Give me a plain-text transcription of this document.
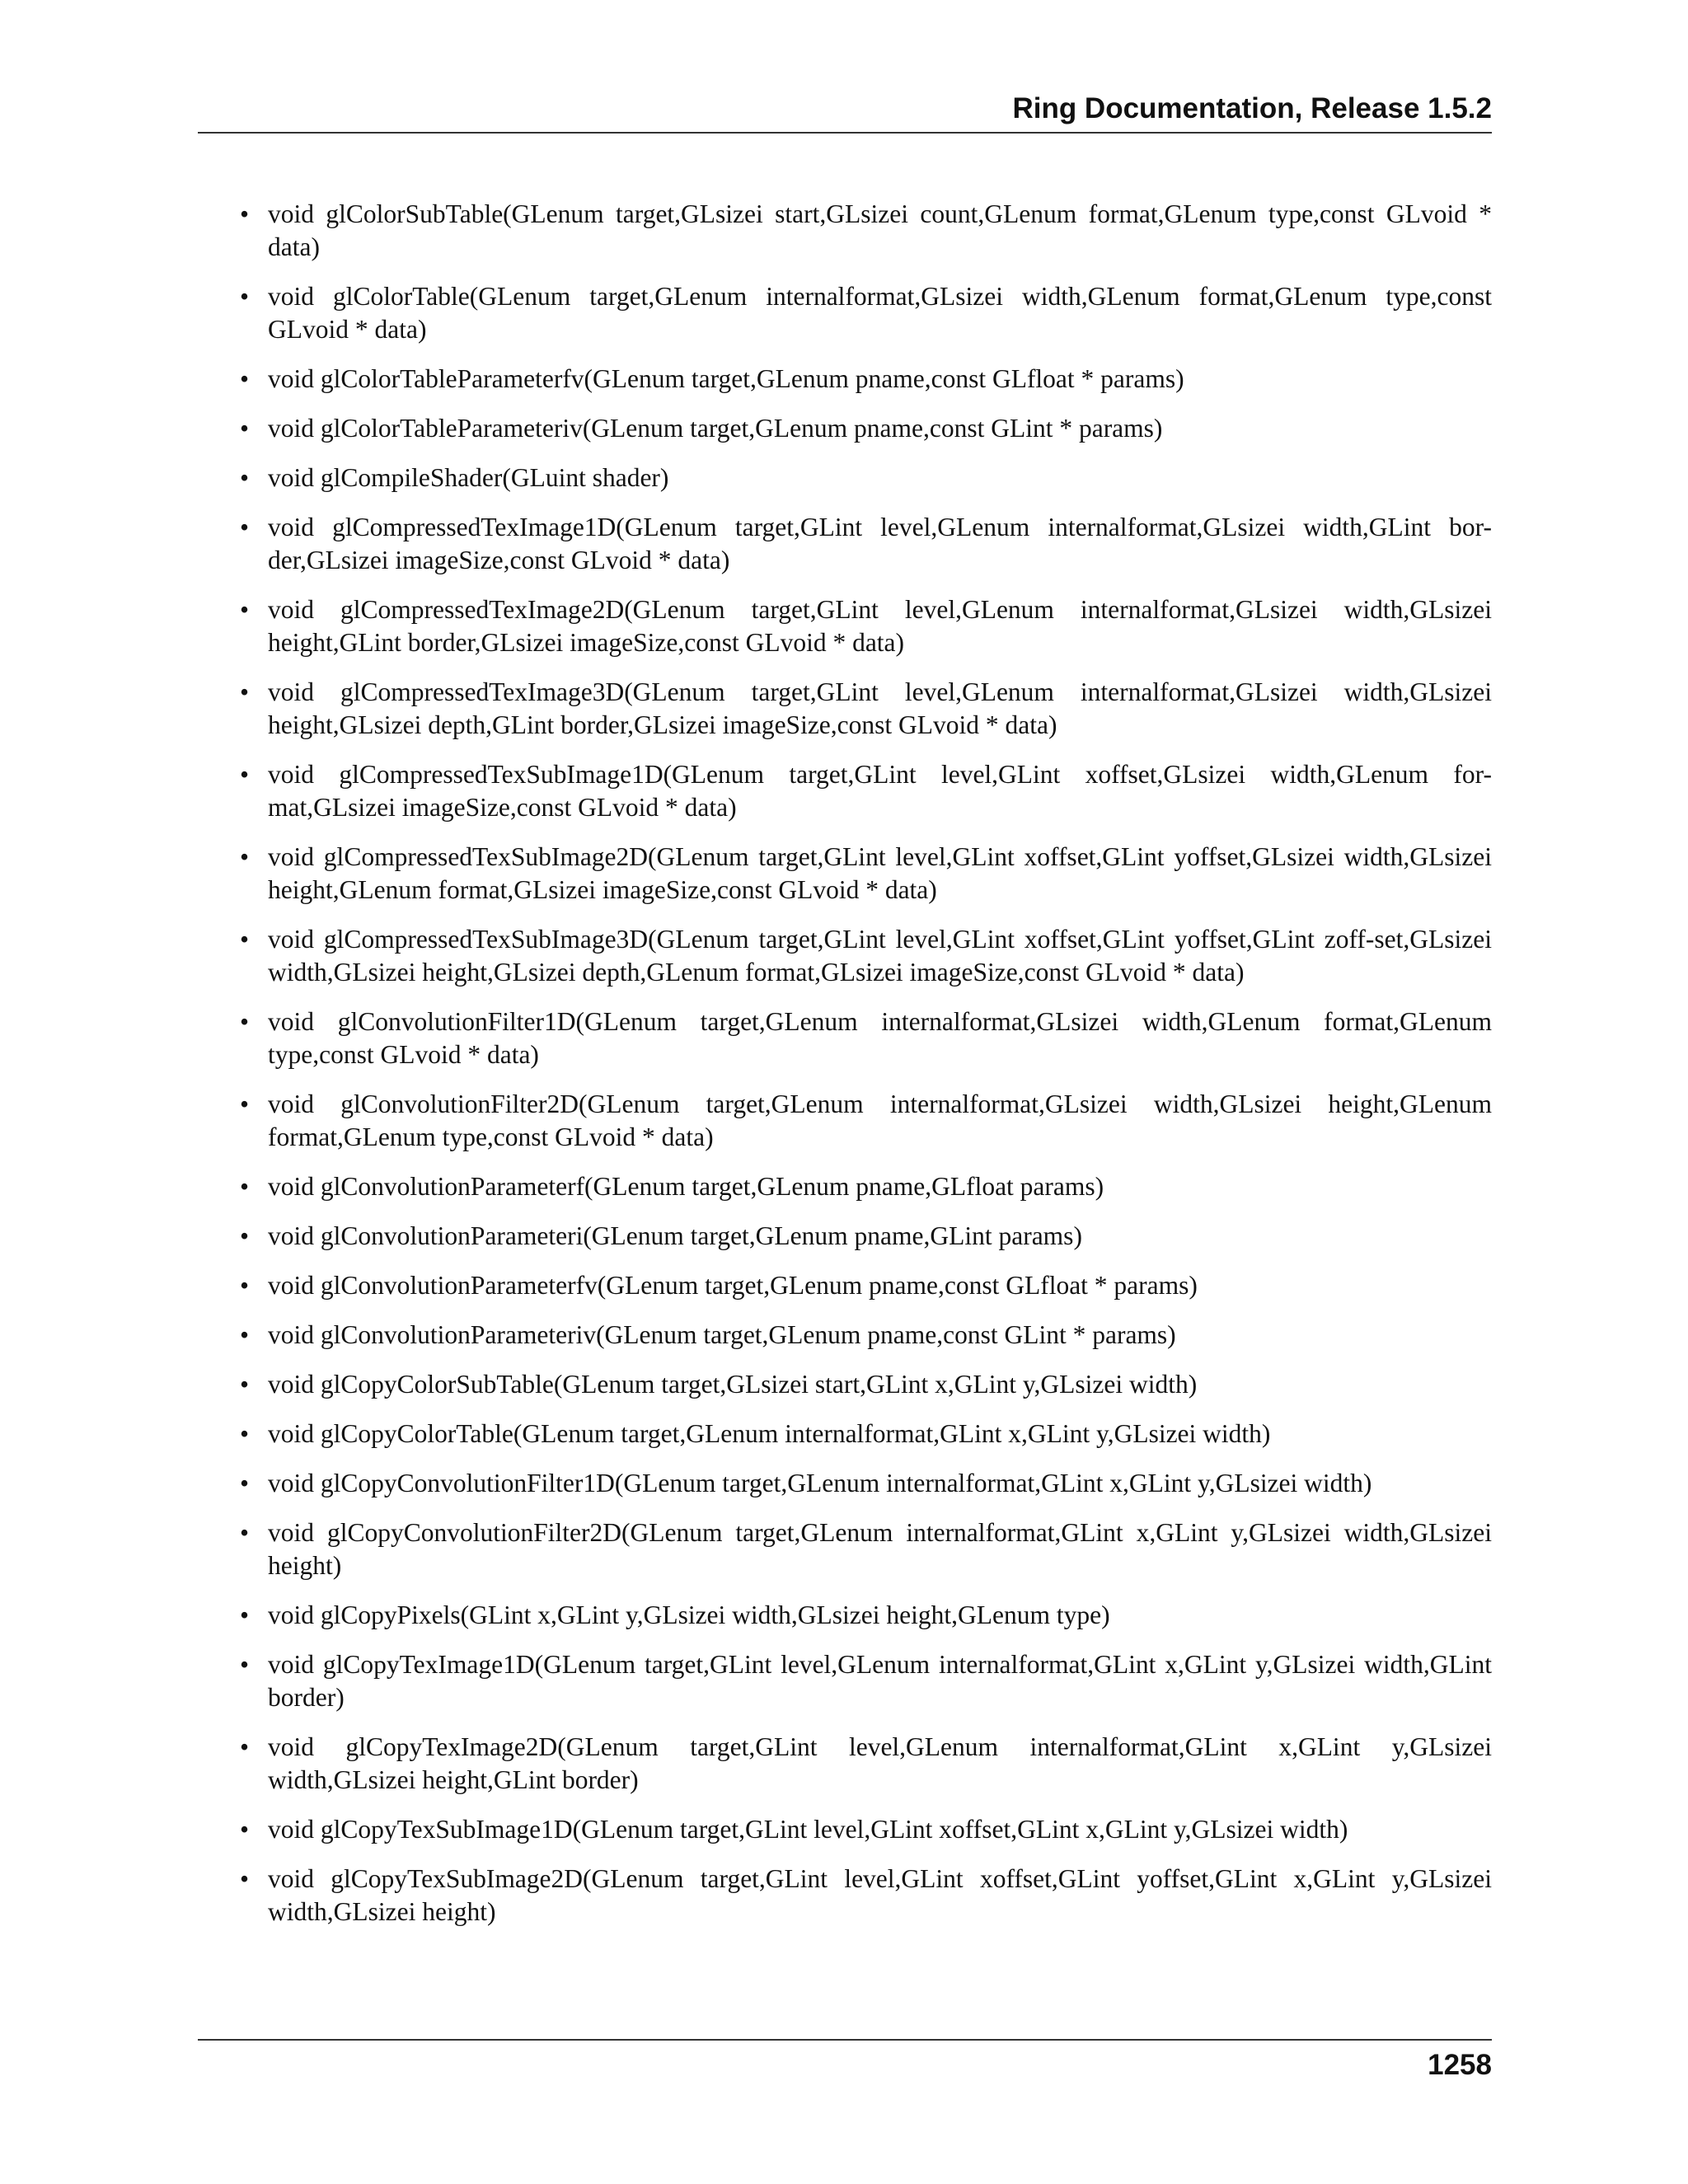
Ring Documentation, Release 1.5.2
• void glColorSubTable(GLenum target,GLsizei start,GLsizei count,GLenum format,GLenum type,const GLvoid * data)
• void glColorTable(GLenum target,GLenum internalformat,GLsizei width,GLenum format,GLenum type,const GLvoid * data)
• void glColorTableParameterfv(GLenum target,GLenum pname,const GLfloat * params)
• void glColorTableParameteriv(GLenum target,GLenum pname,const GLint * params)
• void glCompileShader(GLuint shader)
• void glCompressedTexImage1D(GLenum target,GLint level,GLenum internalformat,GLsizei width,GLint bor-der,GLsizei imageSize,const GLvoid * data)
• void glCompressedTexImage2D(GLenum target,GLint level,GLenum internalformat,GLsizei width,GLsizei height,GLint border,GLsizei imageSize,const GLvoid * data)
• void glCompressedTexImage3D(GLenum target,GLint level,GLenum internalformat,GLsizei width,GLsizei height,GLsizei depth,GLint border,GLsizei imageSize,const GLvoid * data)
• void glCompressedTexSubImage1D(GLenum target,GLint level,GLint xoffset,GLsizei width,GLenum for-mat,GLsizei imageSize,const GLvoid * data)
• void glCompressedTexSubImage2D(GLenum target,GLint level,GLint xoffset,GLint yoffset,GLsizei width,GLsizei height,GLenum format,GLsizei imageSize,const GLvoid * data)
• void glCompressedTexSubImage3D(GLenum target,GLint level,GLint xoffset,GLint yoffset,GLint zoff-set,GLsizei width,GLsizei height,GLsizei depth,GLenum format,GLsizei imageSize,const GLvoid * data)
• void glConvolutionFilter1D(GLenum target,GLenum internalformat,GLsizei width,GLenum format,GLenum type,const GLvoid * data)
• void glConvolutionFilter2D(GLenum target,GLenum internalformat,GLsizei width,GLsizei height,GLenum format,GLenum type,const GLvoid * data)
• void glConvolutionParameterf(GLenum target,GLenum pname,GLfloat params)
• void glConvolutionParameteri(GLenum target,GLenum pname,GLint params)
• void glConvolutionParameterfv(GLenum target,GLenum pname,const GLfloat * params)
• void glConvolutionParameteriv(GLenum target,GLenum pname,const GLint * params)
• void glCopyColorSubTable(GLenum target,GLsizei start,GLint x,GLint y,GLsizei width)
• void glCopyColorTable(GLenum target,GLenum internalformat,GLint x,GLint y,GLsizei width)
• void glCopyConvolutionFilter1D(GLenum target,GLenum internalformat,GLint x,GLint y,GLsizei width)
• void glCopyConvolutionFilter2D(GLenum target,GLenum internalformat,GLint x,GLint y,GLsizei width,GLsizei height)
• void glCopyPixels(GLint x,GLint y,GLsizei width,GLsizei height,GLenum type)
• void glCopyTexImage1D(GLenum target,GLint level,GLenum internalformat,GLint x,GLint y,GLsizei width,GLint border)
• void glCopyTexImage2D(GLenum target,GLint level,GLenum internalformat,GLint x,GLint y,GLsizei width,GLsizei height,GLint border)
• void glCopyTexSubImage1D(GLenum target,GLint level,GLint xoffset,GLint x,GLint y,GLsizei width)
• void glCopyTexSubImage2D(GLenum target,GLint level,GLint xoffset,GLint yoffset,GLint x,GLint y,GLsizei width,GLsizei height)
1258
